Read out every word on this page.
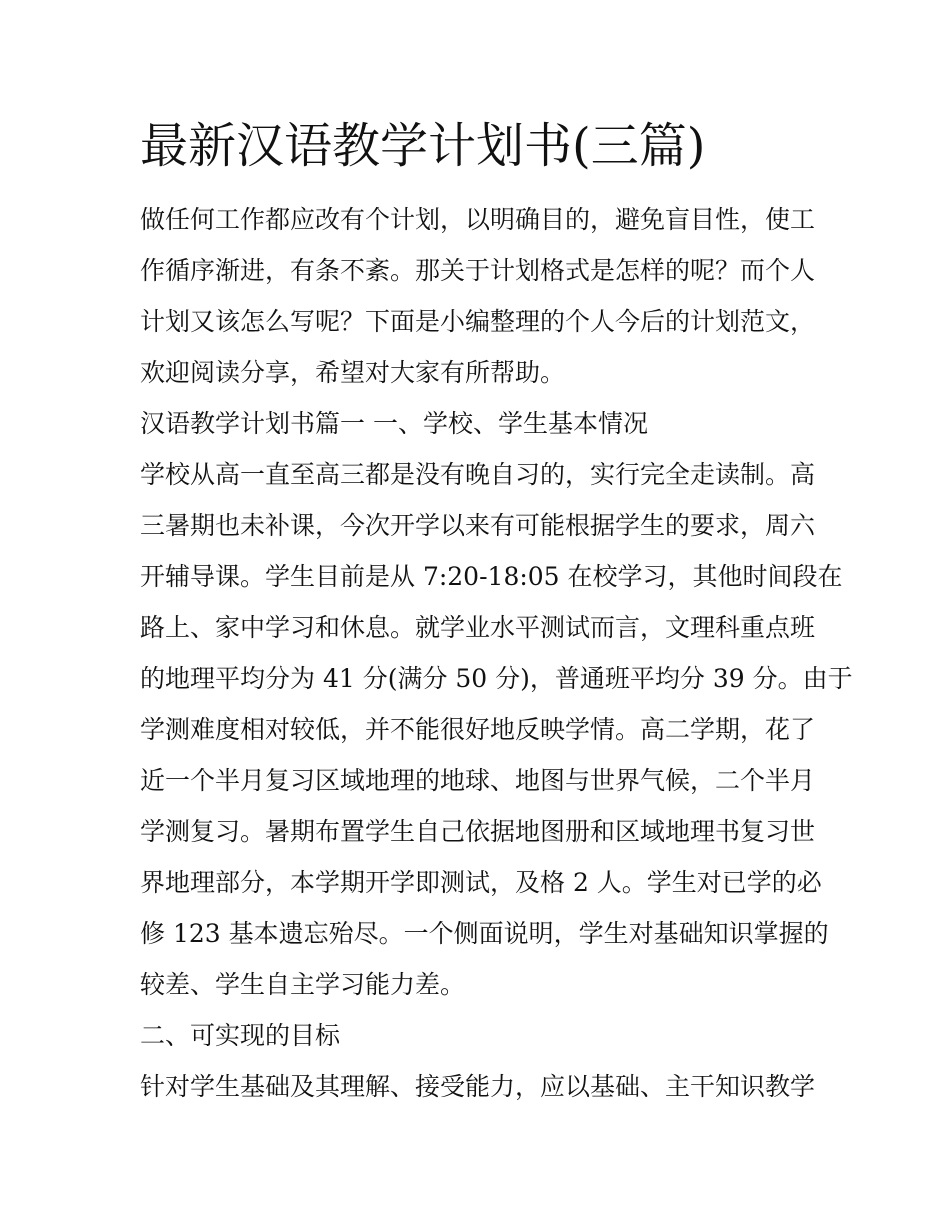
最新汉语教学计划书(三篇)

做任何工作都应改有个计划，以明确目的，避免盲目性，使工

作循序渐进，有条不紊。那关于计划格式是怎样的呢？而个人

计划又该怎么写呢？下面是小编整理的个人今后的计划范文，

欢迎阅读分享，希望对大家有所帮助。

汉语教学计划书篇一 一、学校、学生基本情况

学校从高一直至高三都是没有晚自习的，实行完全走读制。高

三暑期也未补课，今次开学以来有可能根据学生的要求，周六

开辅导课。学生目前是从 7:20-18:05 在校学习，其他时间段在

路上、家中学习和休息。就学业水平测试而言，文理科重点班

的地理平均分为 41 分(满分 50 分)，普通班平均分 39 分。由于

学测难度相对较低，并不能很好地反映学情。高二学期，花了

近一个半月复习区域地理的地球、地图与世界气候，二个半月

学测复习。暑期布置学生自己依据地图册和区域地理书复习世

界地理部分，本学期开学即测试，及格 2 人。学生对已学的必

修 123 基本遗忘殆尽。一个侧面说明，学生对基础知识掌握的

较差、学生自主学习能力差。

二、可实现的目标

针对学生基础及其理解、接受能力，应以基础、主干知识教学
